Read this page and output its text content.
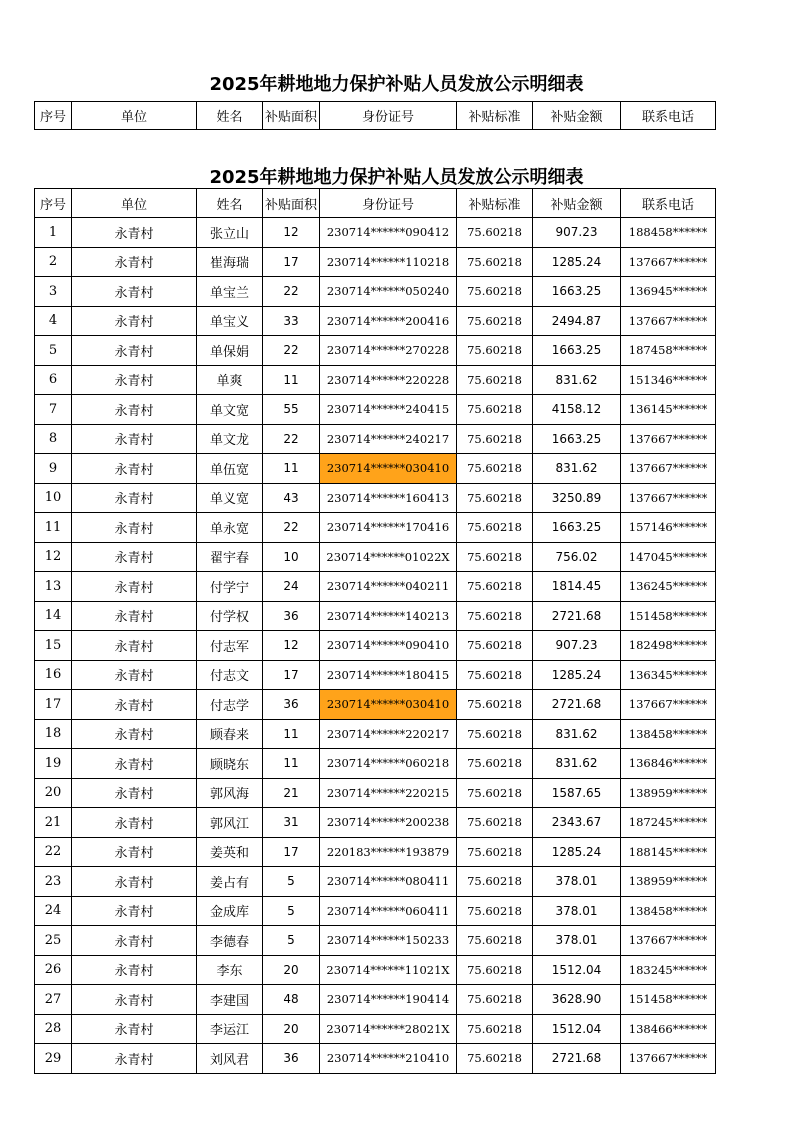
2025年耕地地力保护补贴人员发放公示明细表
序号	单位	姓名	补贴面积	身份证号	补贴标准	补贴金额	联系电话
2025年耕地地力保护补贴人员发放公示明细表
序号	单位	姓名	补贴面积	身份证号	补贴标准	补贴金额	联系电话
1	永青村	张立山	12	230714******090412	75.60218	907.23	188458******
2	永青村	崔海瑞	17	230714******110218	75.60218	1285.24	137667******
3	永青村	单宝兰	22	230714******050240	75.60218	1663.25	136945******
4	永青村	单宝义	33	230714******200416	75.60218	2494.87	137667******
5	永青村	单保娟	22	230714******270228	75.60218	1663.25	187458******
6	永青村	单爽	11	230714******220228	75.60218	831.62	151346******
7	永青村	单文宽	55	230714******240415	75.60218	4158.12	136145******
8	永青村	单文龙	22	230714******240217	75.60218	1663.25	137667******
9	永青村	单伍宽	11	230714******030410	75.60218	831.62	137667******
10	永青村	单义宽	43	230714******160413	75.60218	3250.89	137667******
11	永青村	单永宽	22	230714******170416	75.60218	1663.25	157146******
12	永青村	翟宇春	10	230714******01022X	75.60218	756.02	147045******
13	永青村	付学宁	24	230714******040211	75.60218	1814.45	136245******
14	永青村	付学权	36	230714******140213	75.60218	2721.68	151458******
15	永青村	付志军	12	230714******090410	75.60218	907.23	182498******
16	永青村	付志文	17	230714******180415	75.60218	1285.24	136345******
17	永青村	付志学	36	230714******030410	75.60218	2721.68	137667******
18	永青村	顾春来	11	230714******220217	75.60218	831.62	138458******
19	永青村	顾晓东	11	230714******060218	75.60218	831.62	136846******
20	永青村	郭风海	21	230714******220215	75.60218	1587.65	138959******
21	永青村	郭风江	31	230714******200238	75.60218	2343.67	187245******
22	永青村	姜英和	17	220183******193879	75.60218	1285.24	188145******
23	永青村	姜占有	5	230714******080411	75.60218	378.01	138959******
24	永青村	金成库	5	230714******060411	75.60218	378.01	138458******
25	永青村	李德春	5	230714******150233	75.60218	378.01	137667******
26	永青村	李东	20	230714******11021X	75.60218	1512.04	183245******
27	永青村	李建国	48	230714******190414	75.60218	3628.90	151458******
28	永青村	李运江	20	230714******28021X	75.60218	1512.04	138466******
29	永青村	刘风君	36	230714******210410	75.60218	2721.68	137667******
